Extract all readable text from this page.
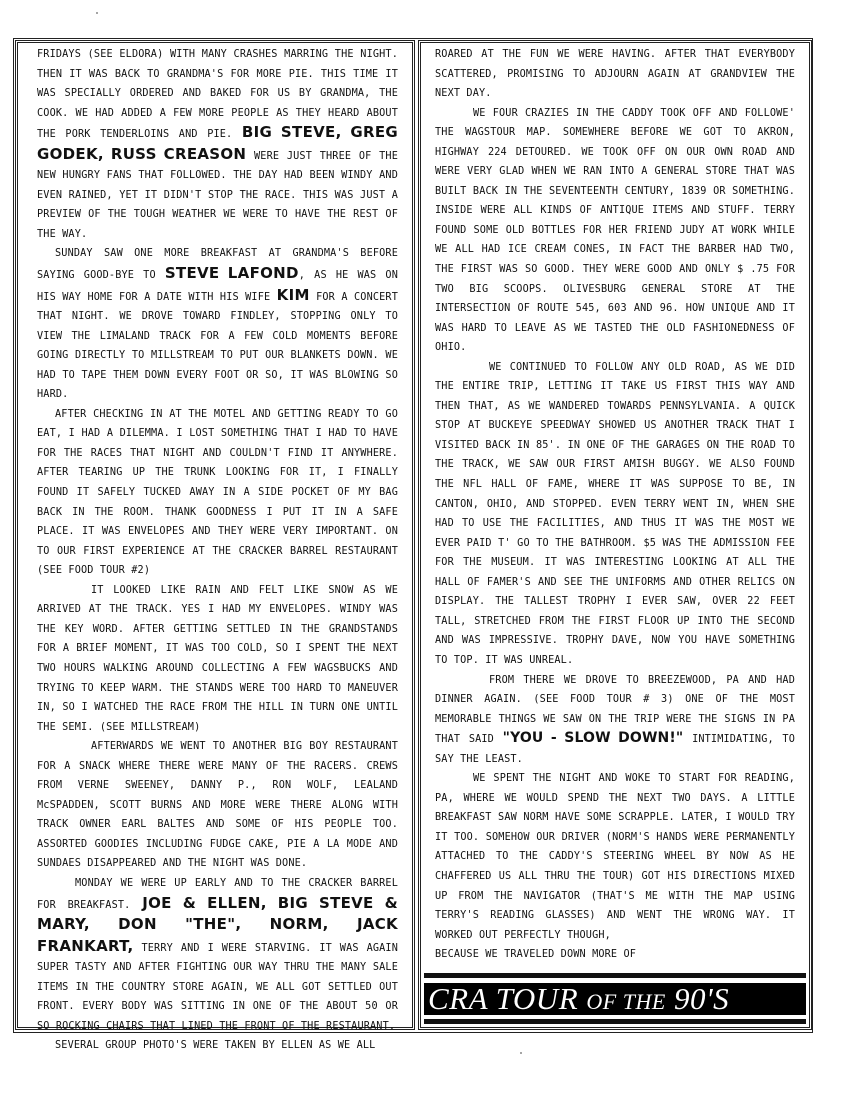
FRIDAYS (SEE ELDORA) WITH MANY CRASHES MARRING THE NIGHT. THEN IT WAS BACK TO GRANDMA'S FOR MORE PIE. THIS TIME IT WAS SPECIALLY ORDERED AND BAKED FOR US BY GRANDMA, THE COOK. WE HAD ADDED A FEW MORE PEOPLE AS THEY HEARD ABOUT THE PORK TENDERLOINS AND PIE. BIG STEVE, GREG GODEK, RUSS CREASON WERE JUST THREE OF THE NEW HUNGRY FANS THAT FOLLOWED. THE DAY HAD BEEN WINDY AND EVEN RAINED, YET IT DIDN'T STOP THE RACE. THIS WAS JUST A PREVIEW OF THE TOUGH WEATHER WE WERE TO HAVE THE REST OF THE WAY.

SUNDAY SAW ONE MORE BREAKFAST AT GRANDMA'S BEFORE SAYING GOOD-BYE TO STEVE LAFOND, AS HE WAS ON HIS WAY HOME FOR A DATE WITH HIS WIFE KIM FOR A CONCERT THAT NIGHT. WE DROVE TOWARD FINDLEY, STOPPING ONLY TO VIEW THE LIMALAND TRACK FOR A FEW COLD MOMENTS BEFORE GOING DIRECTLY TO MILLSTREAM TO PUT OUR BLANKETS DOWN. WE HAD TO TAPE THEM DOWN EVERY FOOT OR SO, IT WAS BLOWING SO HARD.

AFTER CHECKING IN AT THE MOTEL AND GETTING READY TO GO EAT, I HAD A DILEMMA. I LOST SOMETHING THAT I HAD TO HAVE FOR THE RACES THAT NIGHT AND COULDN'T FIND IT ANYWHERE. AFTER TEARING UP THE TRUNK LOOKING FOR IT, I FINALLY FOUND IT SAFELY TUCKED AWAY IN A SIDE POCKET OF MY BAG BACK IN THE ROOM. THANK GOODNESS I PUT IT IN A SAFE PLACE. IT WAS ENVELOPES AND THEY WERE VERY IMPORTANT. ON TO OUR FIRST EXPERIENCE AT THE CRACKER BARREL RESTAURANT (SEE FOOD TOUR #2)

IT LOOKED LIKE RAIN AND FELT LIKE SNOW AS WE ARRIVED AT THE TRACK. YES I HAD MY ENVELOPES. WINDY WAS THE KEY WORD. AFTER GETTING SETTLED IN THE GRANDSTANDS FOR A BRIEF MOMENT, IT WAS TOO COLD, SO I SPENT THE NEXT TWO HOURS WALKING AROUND COLLECTING A FEW WAGSBUCKS AND TRYING TO KEEP WARM. THE STANDS WERE TOO HARD TO MANEUVER IN, SO I WATCHED THE RACE FROM THE HILL IN TURN ONE UNTIL THE SEMI. (SEE MILLSTREAM)

AFTERWARDS WE WENT TO ANOTHER BIG BOY RESTAURANT FOR A SNACK WHERE THERE WERE MANY OF THE RACERS. CREWS FROM VERNE SWEENEY, DANNY P., RON WOLF, LEALAND McSPADDEN, SCOTT BURNS AND MORE WERE THERE ALONG WITH TRACK OWNER EARL BALTES AND SOME OF HIS PEOPLE TOO. ASSORTED GOODIES INCLUDING FUDGE CAKE, PIE A LA MODE AND SUNDAES DISAPPEARED AND THE NIGHT WAS DONE.

MONDAY WE WERE UP EARLY AND TO THE CRACKER BARREL FOR BREAKFAST. JOE & ELLEN, BIG STEVE & MARY, DON "THE", NORM, JACK FRANKART, TERRY AND I WERE STARVING. IT WAS AGAIN SUPER TASTY AND AFTER FIGHTING OUR WAY THRU THE MANY SALE ITEMS IN THE COUNTRY STORE AGAIN, WE ALL GOT SETTLED OUT FRONT. EVERY BODY WAS SITTING IN ONE OF THE ABOUT 50 OR SO ROCKING CHAIRS THAT LINED THE FRONT OF THE RESTAURANT.

SEVERAL GROUP PHOTO'S WERE TAKEN BY ELLEN AS WE ALL

ROARED AT THE FUN WE WERE HAVING. AFTER THAT EVERYBODY SCATTERED, PROMISING TO ADJOURN AGAIN AT GRANDVIEW THE NEXT DAY.

WE FOUR CRAZIES IN THE CADDY TOOK OFF AND FOLLOWE' THE WAGSTOUR MAP. SOMEWHERE BEFORE WE GOT TO AKRON, HIGHWAY 224 DETOURED. WE TOOK OFF ON OUR OWN ROAD AND WERE VERY GLAD WHEN WE RAN INTO A GENERAL STORE THAT WAS BUILT BACK IN THE SEVENTEENTH CENTURY, 1839 OR SOMETHING. INSIDE WERE ALL KINDS OF ANTIQUE ITEMS AND STUFF. TERRY FOUND SOME OLD BOTTLES FOR HER FRIEND JUDY AT WORK WHILE WE ALL HAD ICE CREAM CONES, IN FACT THE BARBER HAD TWO, THE FIRST WAS SO GOOD. THEY WERE GOOD AND ONLY $ .75 FOR TWO BIG SCOOPS. OLIVESBURG GENERAL STORE AT THE INTERSECTION OF ROUTE 545, 603 AND 96. HOW UNIQUE AND IT WAS HARD TO LEAVE AS WE TASTED THE OLD FASHIONEDNESS OF OHIO.

WE CONTINUED TO FOLLOW ANY OLD ROAD, AS WE DID THE ENTIRE TRIP, LETTING IT TAKE US FIRST THIS WAY AND THEN THAT, AS WE WANDERED TOWARDS PENNSYLVANIA. A QUICK STOP AT BUCKEYE SPEEDWAY SHOWED US ANOTHER TRACK THAT I VISITED BACK IN 85'. IN ONE OF THE GARAGES ON THE ROAD TO THE TRACK, WE SAW OUR FIRST AMISH BUGGY. WE ALSO FOUND THE NFL HALL OF FAME, WHERE IT WAS SUPPOSE TO BE, IN CANTON, OHIO, AND STOPPED. EVEN TERRY WENT IN, WHEN SHE HAD TO USE THE FACILITIES, AND THUS IT WAS THE MOST WE EVER PAID T' GO TO THE BATHROOM. $5 WAS THE ADMISSION FEE FOR THE MUSEUM. IT WAS INTERESTING LOOKING AT ALL THE HALL OF FAMER'S AND SEE THE UNIFORMS AND OTHER RELICS ON DISPLAY. THE TALLEST TROPHY I EVER SAW, OVER 22 FEET TALL, STRETCHED FROM THE FIRST FLOOR UP INTO THE SECOND AND WAS IMPRESSIVE. TROPHY DAVE, NOW YOU HAVE SOMETHING TO TOP. IT WAS UNREAL.

FROM THERE WE DROVE TO BREEZEWOOD, PA AND HAD DINNER AGAIN. (SEE FOOD TOUR # 3) ONE OF THE MOST MEMORABLE THINGS WE SAW ON THE TRIP WERE THE SIGNS IN PA THAT SAID "YOU - SLOW DOWN!" INTIMIDATING, TO SAY THE LEAST.

WE SPENT THE NIGHT AND WOKE TO START FOR READING, PA, WHERE WE WOULD SPEND THE NEXT TWO DAYS. A LITTLE BREAKFAST SAW NORM HAVE SOME SCRAPPLE. LATER, I WOULD TRY IT TOO. SOMEHOW OUR DRIVER (NORM'S HANDS WERE PERMANENTLY ATTACHED TO THE CADDY'S STEERING WHEEL BY NOW AS HE CHAFFERED US ALL THRU THE TOUR) GOT HIS DIRECTIONS MIXED UP FROM THE NAVIGATOR (THAT'S ME WITH THE MAP USING TERRY'S READING GLASSES) AND WENT THE WRONG WAY. IT WORKED OUT PERFECTLY THOUGH,

BECAUSE WE TRAVELED DOWN MORE OF

CRA TOUR OF THE 90'S
